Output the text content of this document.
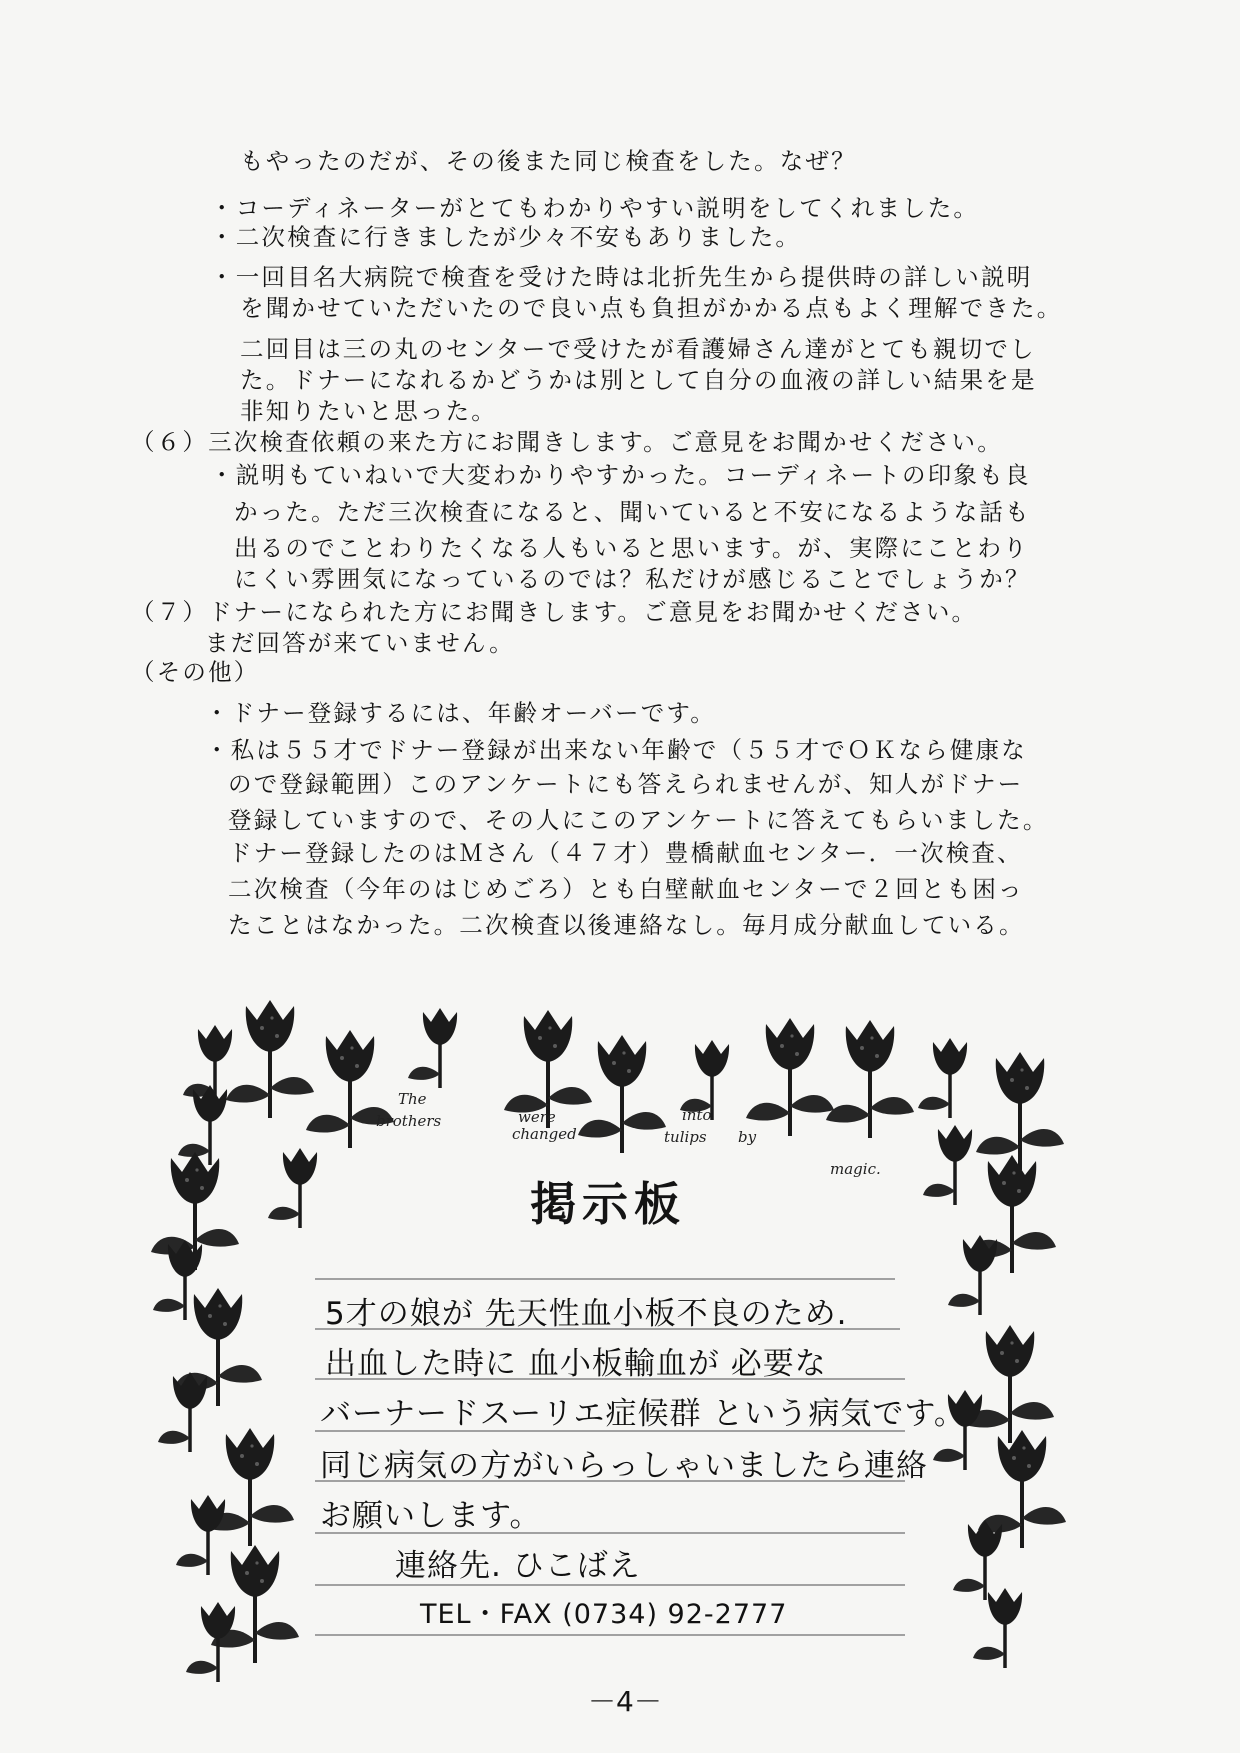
もやったのだが、その後また同じ検査をした。なぜ？
・コーディネーターがとてもわかりやすい説明をしてくれました。
・二次検査に行きましたが少々不安もありました。
・一回目名大病院で検査を受けた時は北折先生から提供時の詳しい説明
を聞かせていただいたので良い点も負担がかかる点もよく理解できた。
二回目は三の丸のセンターで受けたが看護婦さん達がとても親切でし
た。ドナーになれるかどうかは別として自分の血液の詳しい結果を是
非知りたいと思った。
（６）三次検査依頼の来た方にお聞きします。ご意見をお聞かせください。
・説明もていねいで大変わかりやすかった。コーディネートの印象も良
かった。ただ三次検査になると、聞いていると不安になるような話も
出るのでことわりたくなる人もいると思います。が、実際にことわり
にくい雰囲気になっているのでは？私だけが感じることでしょうか？
（７）ドナーになられた方にお聞きします。ご意見をお聞かせください。
まだ回答が来ていません。
（その他）
・ドナー登録するには、年齢オーバーです。
・私は５５才でドナー登録が出来ない年齢で（５５才でＯＫなら健康な
ので登録範囲）このアンケートにも答えられませんが、知人がドナー
登録していますので、その人にこのアンケートに答えてもらいました。
ドナー登録したのはＭさん（４７才）豊橋献血センター．一次検査、
二次検査（今年のはじめごろ）とも白壁献血センターで２回とも困っ
たことはなかった。二次検査以後連絡なし。毎月成分献血している。
The
brothers	were
changed
into
tulips by
magic.
掲示板
5才の娘が 先天性血小板不良のため.
出血した時に 血小板輸血が 必要な
バーナードスーリエ症候群 という病気です。
同じ病気の方がいらっしゃいましたら連絡
お願いします。
連絡先. ひこばえ
TEL・FAX (0734) 92-2777
－4－
